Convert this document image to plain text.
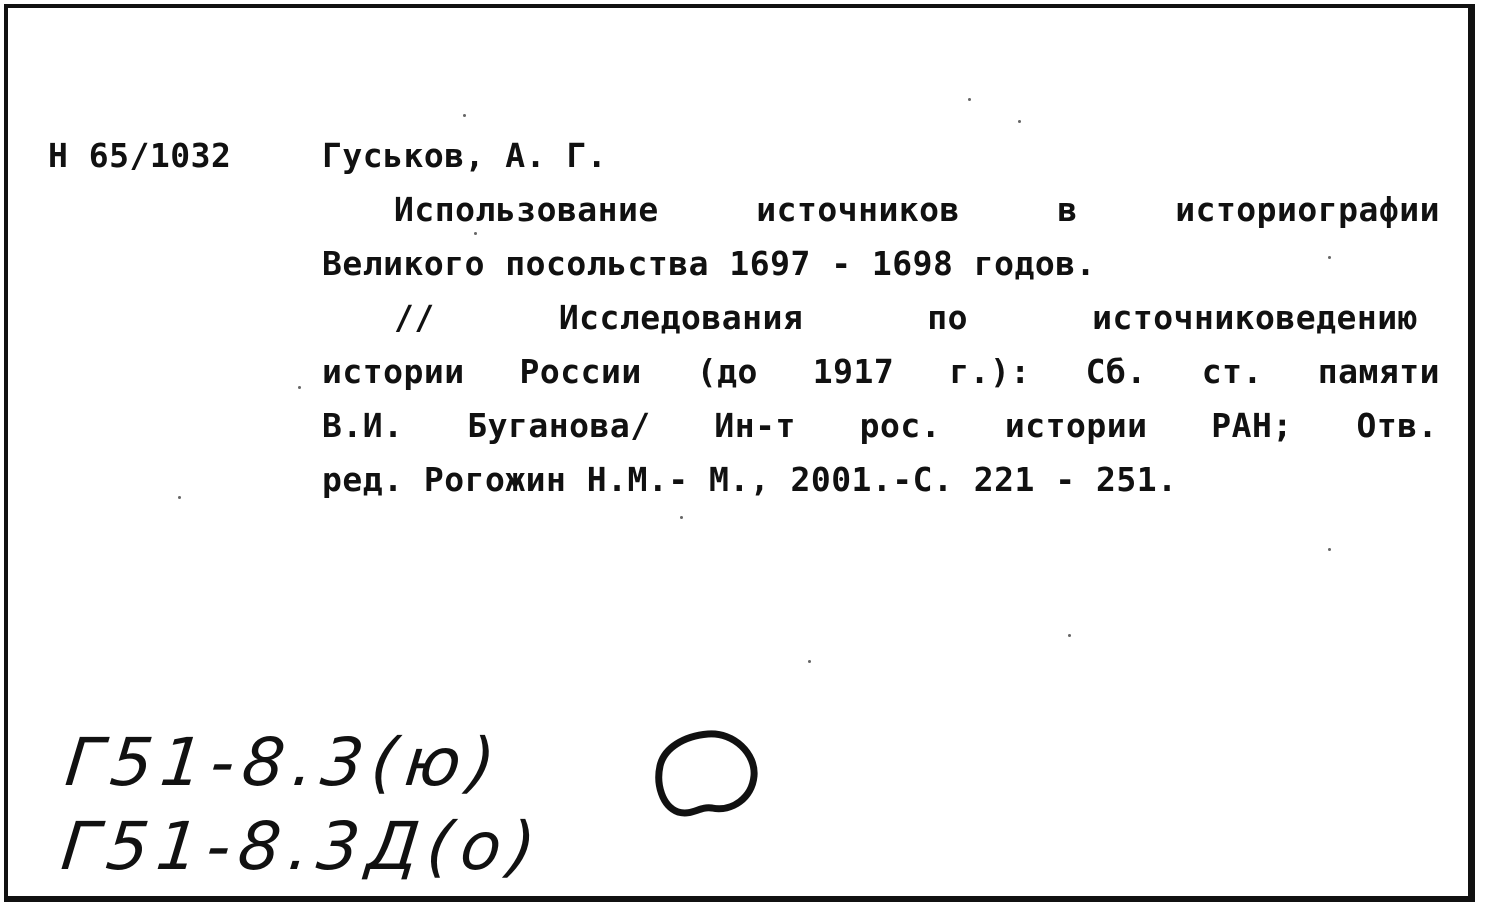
Н 65/1032	Гуськов, А. Г.
Использование	источников	в	историографии
Великого посольства 1697 - 1698 годов.
//	Исследования	по	источниковедению
истории России (до 1917 г.): Сб. ст. памяти
В.И. Буганова/ Ин-т рос. истории РАН; Отв.
ред. Рогожин Н.М.- М., 2001.-С. 221 - 251.
Г51-8.3(ю)
Г51-8.3Д(о)
